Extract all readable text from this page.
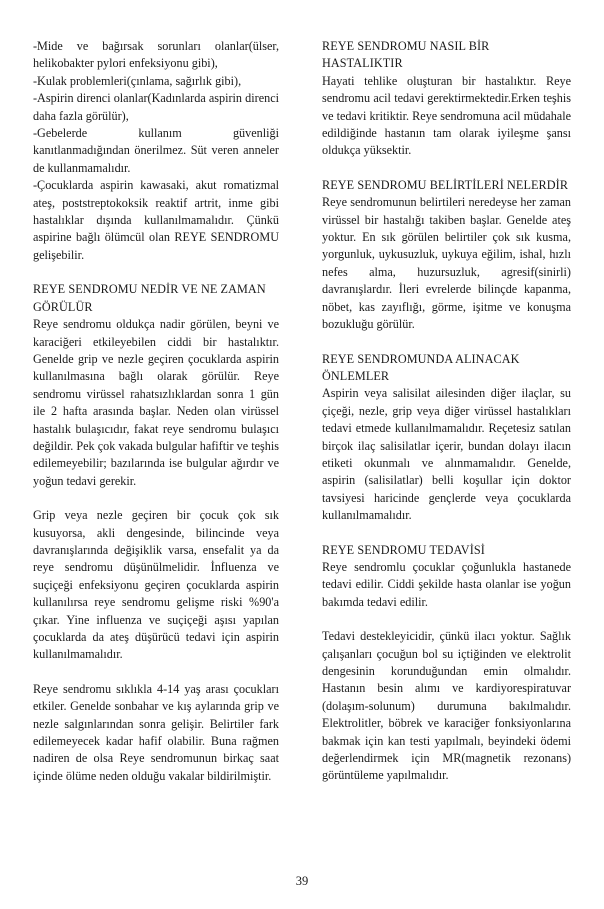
-Mide ve bağırsak sorunları olanlar(ülser, helikobakter pylori enfeksiyonu gibi),

-Kulak problemleri(çınlama, sağırlık gibi),

-Aspirin direnci olanlar(Kadınlarda aspirin direnci daha fazla görülür),

-Gebelerde kullanım güvenliği kanıtlanmadığından önerilmez. Süt veren anneler de kullanmamalıdır.

-Çocuklarda aspirin kawasaki, akut romatizmal ateş, poststreptokoksik reaktif artrit, inme gibi hastalıklar dışında kullanılmamalıdır. Çünkü aspirine bağlı ölümcül olan REYE SENDROMU gelişebilir.

REYE SENDROMU NEDİR VE NE ZAMAN GÖRÜLÜR

Reye sendromu oldukça nadir görülen, beyni ve karaciğeri etkileyebilen ciddi bir hastalıktır. Genelde grip ve nezle geçiren çocuklarda aspirin kullanılmasına bağlı olarak görülür. Reye sendromu virüssel rahatsızlıklardan sonra 1 gün ile 2 hafta arasında başlar. Neden olan virüssel hastalık bulaşıcıdır, fakat reye sendromu bulaşıcı değildir. Pek çok vakada bulgular hafiftir ve teşhis edilemeyebilir; bazılarında ise bulgular ağırdır ve yoğun tedavi gerekir.

Grip veya nezle geçiren bir çocuk çok sık kusuyorsa, akli dengesinde, bilincinde veya davranışlarında değişiklik varsa, ensefalit ya da reye sendromu düşünülmelidir. İnfluenza ve suçiçeği enfeksiyonu geçiren çocuklarda aspirin kullanılırsa reye sendromu gelişme riski %90'a çıkar. Yine influenza ve suçiçeği aşısı yapılan çocuklarda da ateş düşürücü tedavi için aspirin kullanılmamalıdır.

Reye sendromu sıklıkla 4-14 yaş arası çocukları etkiler. Genelde sonbahar ve kış aylarında grip ve nezle salgınlarından sonra gelişir. Belirtiler fark edilemeyecek kadar hafif olabilir. Buna rağmen nadiren de olsa Reye sendromunun birkaç saat içinde ölüme neden olduğu vakalar bildirilmiştir.

REYE SENDROMU NASIL BİR HASTALIKTIR

Hayati tehlike oluşturan bir hastalıktır. Reye sendromu acil tedavi gerektirmektedir.Erken teşhis ve tedavi kritiktir. Reye sendromuna acil müdahale edildiğinde hastanın tam olarak iyileşme şansı oldukça yüksektir.

REYE SENDROMU BELİRTİLERİ NELERDİR

Reye sendromunun belirtileri neredeyse her zaman virüssel bir hastalığı takiben başlar. Genelde ateş yoktur. En sık görülen belirtiler çok sık kusma, yorgunluk, uykusuzluk, uykuya eğilim, ishal, hızlı nefes alma, huzursuzluk, agresif(sinirli) davranışlardır. İleri evrelerde bilinçde kapanma, nöbet, kas zayıflığı, görme, işitme ve konuşma bozukluğu görülür.

REYE SENDROMUNDA ALINACAK ÖNLEMLER

Aspirin veya salisilat ailesinden diğer ilaçlar, su çiçeği, nezle, grip veya diğer virüssel hastalıkları tedavi etmede kullanılmamalıdır. Reçetesiz satılan birçok ilaç salisilatlar içerir, bundan dolayı ilacın etiketi okunmalı ve alınmamalıdır. Genelde, aspirin (salisilatlar) belli koşullar için doktor tavsiyesi haricinde gençlerde veya çocuklarda kullanılmamalıdır.

REYE SENDROMU TEDAVİSİ

Reye sendromlu çocuklar çoğunlukla hastanede tedavi edilir. Ciddi şekilde hasta olanlar ise yoğun bakımda tedavi edilir.

Tedavi destekleyicidir, çünkü ilacı yoktur. Sağlık çalışanları çocuğun bol su içtiğinden ve elektrolit dengesinin korunduğundan emin olmalıdır. Hastanın besin alımı ve kardiyorespiratuvar (dolaşım-solunum) durumuna bakılmalıdır. Elektrolitler, böbrek ve karaciğer fonksiyonlarına bakmak için kan testi yapılmalı, beyindeki ödemi değerlendirmek için MR(magnetik rezonans) görüntüleme yapılmalıdır.

39
